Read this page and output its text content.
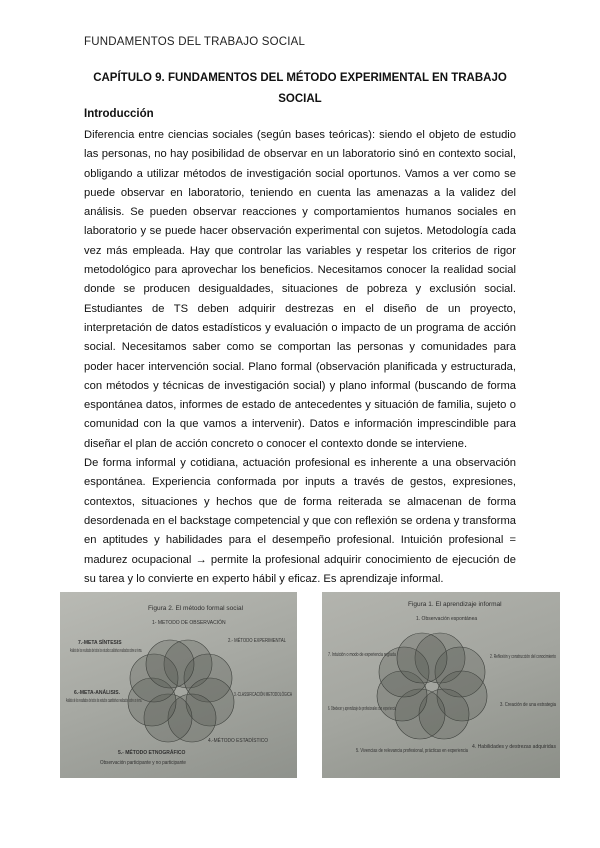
FUNDAMENTOS DEL TRABAJO SOCIAL
CAPÍTULO 9. FUNDAMENTOS DEL MÉTODO EXPERIMENTAL EN TRABAJO SOCIAL
Introducción

Diferencia entre ciencias sociales (según bases teóricas): siendo el objeto de estudio las personas, no hay posibilidad de observar en un laboratorio sinó en contexto social, obligando a utilizar métodos de investigación social oportunos. Vamos a ver como se puede observar en laboratorio, teniendo en cuenta las amenazas a la validez del análisis. Se pueden observar reacciones y comportamientos humanos sociales en laboratorio y se puede hacer observación experimental con sujetos. Metodología cada vez más empleada. Hay que controlar las variables y respetar los criterios de rigor metodológico para aprovechar los beneficios. Necesitamos conocer la realidad social donde se producen desigualdades, situaciones de pobreza y exclusión social. Estudiantes de TS deben adquirir destrezas en el diseño de un proyecto, interpretación de datos estadísticos y evaluación o impacto de un programa de acción social. Necesitamos saber como se comportan las personas y comunidades para poder hacer intervención social. Plano formal (observación planificada y estructurada, con métodos y técnicas de investigación social) y plano informal (buscando de forma espontánea datos, informes de estado de antecedentes y situación de familia, sujeto o comunidad con la que vamos a intervenir). Datos e información imprescindible para diseñar el plan de acción concreto o conocer el contexto donde se interviene.

De forma informal y cotidiana, actuación profesional es inherente a una observación espontánea. Experiencia conformada por inputs a través de gestos, expresiones, contextos, situaciones y hechos que de forma reiterada se almacenan de forma desordenada en el backstage competencial y que con reflexión se ordena y transforma en aptitudes y habilidades para el desempeño profesional. Intuición profesional = madurez ocupacional → permite la profesional adquirir conocimiento de ejecución de su tarea y lo convierte en experto hábil y eficaz. Es aprendizaje informal.

Figura 2. El método formal social
1- METODO DE OBSERVACIÓN
7.-META SÍNTESIS
Análisis de los resultados de todos los estudios cualitativos realizados sobre un tema.
6.-META-ANÁLISIS.
Análisis de los resultados de todos los estudios cuantitativos realizados sobre un tema.
5.- MÉTODO ETNOGRÁFICO
Observación participante y no participante
2.- MÉTODO EXPERIMENTAL
3.-CLASSIFICACIÓN METODOLÓGICA
4.-MÉTODO ESTADÍSTICO
Figura 1. El aprendizaje informal
1. Observación espontánea
7. Intuición o modo de experiencia reglada
6. Obedecer y aprendizaje de profesionales con experiencia
5. Vivencias de relevancia profesional, prácticas en experiencia
2. Reflexión y construcción del conocimiento
3. Creación de una estrategia
4. Habilidades y destrezas adquiridas
